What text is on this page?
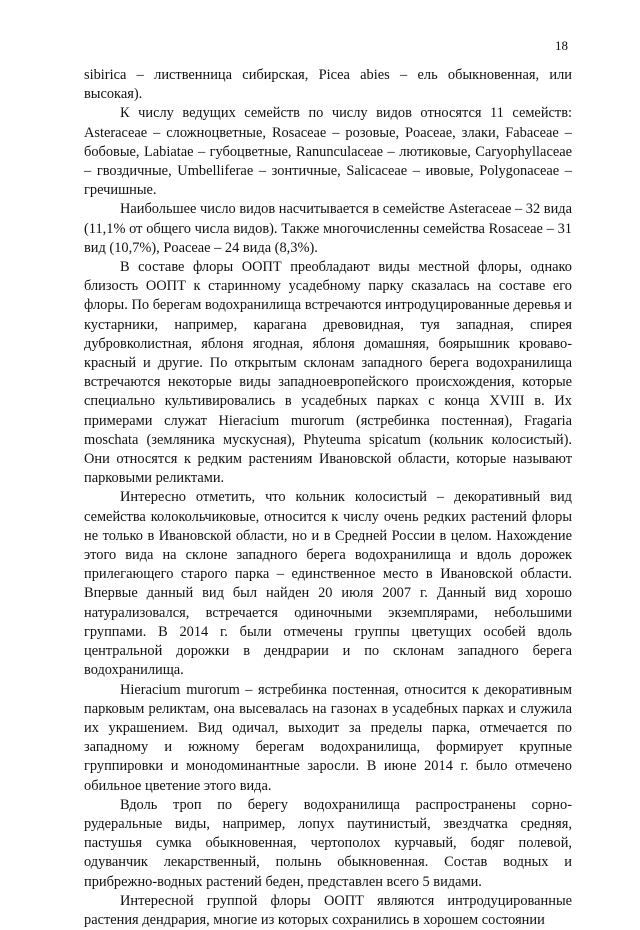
18

sibirica – лиственница сибирская, Picea abies – ель обыкновенная, или высокая).

К числу ведущих семейств по числу видов относятся 11 семейств: Asteraceae – сложноцветные, Rosaceae – розовые, Poaceae, злаки, Fabaceae – бобовые, Labiatae – губоцветные, Ranunculaceae – лютиковые, Caryophyllaceae – гвоздичные, Umbelliferae – зонтичные, Salicaceae – ивовые, Polygonaceae – гречишные.

Наибольшее число видов насчитывается в семействе Asteraceae – 32 вида (11,1% от общего числа видов). Также многочисленны семейства Rosaceae – 31 вид (10,7%), Poaceae – 24 вида (8,3%).

В составе флоры ООПТ преобладают виды местной флоры, однако близость ООПТ к старинному усадебному парку сказалась на составе его флоры. По берегам водохранилища встречаются интродуцированные деревья и кустарники, например, карагана древовидная, туя западная, спирея дубровколистная, яблоня ягодная, яблоня домашняя, боярышник кроваво-красный и другие. По открытым склонам западного берега водохранилища встречаются некоторые виды западноевропейского происхождения, которые специально культивировались в усадебных парках с конца XVIII в. Их примерами служат Hieracium murorum (ястребинка постенная), Fragaria moschata (земляника мускусная), Phyteuma spicatum (кольник колосистый). Они относятся к редким растениям Ивановской области, которые называют парковыми реликтами.

Интересно отметить, что кольник колосистый – декоративный вид семейства колокольчиковые, относится к числу очень редких растений флоры не только в Ивановской области, но и в Средней России в целом. Нахождение этого вида на склоне западного берега водохранилища и вдоль дорожек прилегающего старого парка – единственное место в Ивановской области. Впервые данный вид был найден 20 июля 2007 г. Данный вид хорошо натурализовался, встречается одиночными экземплярами, небольшими группами. В 2014 г. были отмечены группы цветущих особей вдоль центральной дорожки в дендрарии и по склонам западного берега водохранилища.

Hieracium murorum – ястребинка постенная, относится к декоративным парковым реликтам, она высевалась на газонах в усадебных парках и служила их украшением. Вид одичал, выходит за пределы парка, отмечается по западному и южному берегам водохранилища, формирует крупные группировки и монодоминантные заросли. В июне 2014 г. было отмечено обильное цветение этого вида.

Вдоль троп по берегу водохранилища распространены сорно-рудеральные виды, например, лопух паутинистый, звездчатка средняя, пастушья сумка обыкновенная, чертополох курчавый, бодяг полевой, одуванчик лекарственный, полынь обыкновенная. Состав водных и прибрежно-водных растений беден, представлен всего 5 видами.

Интересной группой флоры ООПТ являются интродуцированные растения дендрария, многие из которых сохранились в хорошем состоянии
